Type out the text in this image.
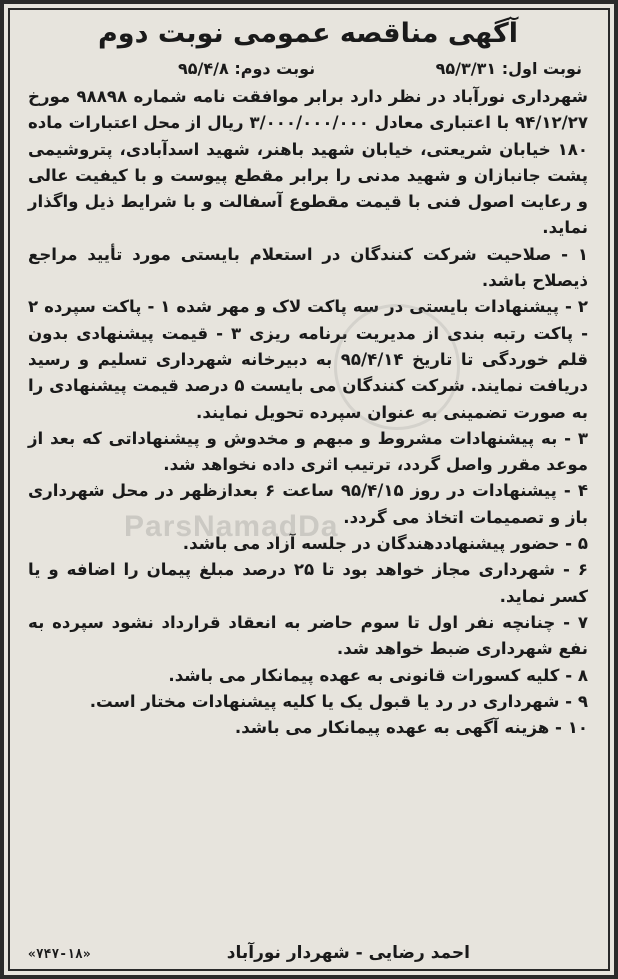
ParsNamadDa
آگهی مناقصه عمومی نوبت دوم
نوبت اول: ۹۵/۳/۳۱
نوبت دوم: ۹۵/۴/۸

شهرداری نورآباد در نظر دارد برابر موافقت نامه شماره ۹۸۸۹۸ مورخ ۹۴/۱۲/۲۷ با اعتباری معادل ۳/۰۰۰/۰۰۰/۰۰۰ ریال از محل اعتبارات ماده ۱۸۰ خیابان شریعتی، خیابان شهید باهنر، شهید اسدآبادی، پتروشیمی پشت جانبازان و شهید مدنی را برابر مقطع پیوست و با کیفیت عالی و رعایت اصول فنی با قیمت مقطوع آسفالت و با شرایط ذیل واگذار نماید.

۱ - صلاحیت شرکت کنندگان در استعلام بایستی مورد تأیید مراجع ذیصلاح باشد.

۲ - پیشنهادات بایستی در سه پاکت لاک و مهر شده ۱ - پاکت سپرده ۲ - پاکت رتبه بندی از مدیریت برنامه ریزی ۳ - قیمت پیشنهادی بدون قلم خوردگی تا تاریخ ۹۵/۴/۱۴ به دبیرخانه شهرداری تسلیم و رسید دریافت نمایند. شرکت کنندگان می بایست ۵ درصد قیمت پیشنهادی را به صورت تضمینی به عنوان سپرده تحویل نمایند.

۳ - به پیشنهادات مشروط و مبهم و مخدوش و پیشنهاداتی که بعد از موعد مقرر واصل گردد، ترتیب اثری داده نخواهد شد.

۴ - پیشنهادات در روز ۹۵/۴/۱۵ ساعت ۶ بعدازظهر در محل شهرداری باز و تصمیمات اتخاذ می گردد.

۵ - حضور پیشنهاددهندگان در جلسه آزاد می باشد.

۶ - شهرداری مجاز خواهد بود تا ۲۵ درصد مبلغ پیمان را اضافه و یا کسر نماید.

۷ - چنانچه نفر اول تا سوم حاضر به انعقاد قرارداد نشود سپرده به نفع شهرداری ضبط خواهد شد.

۸ - کلیه کسورات قانونی به عهده پیمانکار می باشد.

۹ - شهرداری در رد یا قبول یک یا کلیه پیشنهادات مختار است.

۱۰ - هزینه آگهی به عهده پیمانکار می باشد.

احمد رضایی - شهردار نورآباد
«۷۴۷-۱۸»
